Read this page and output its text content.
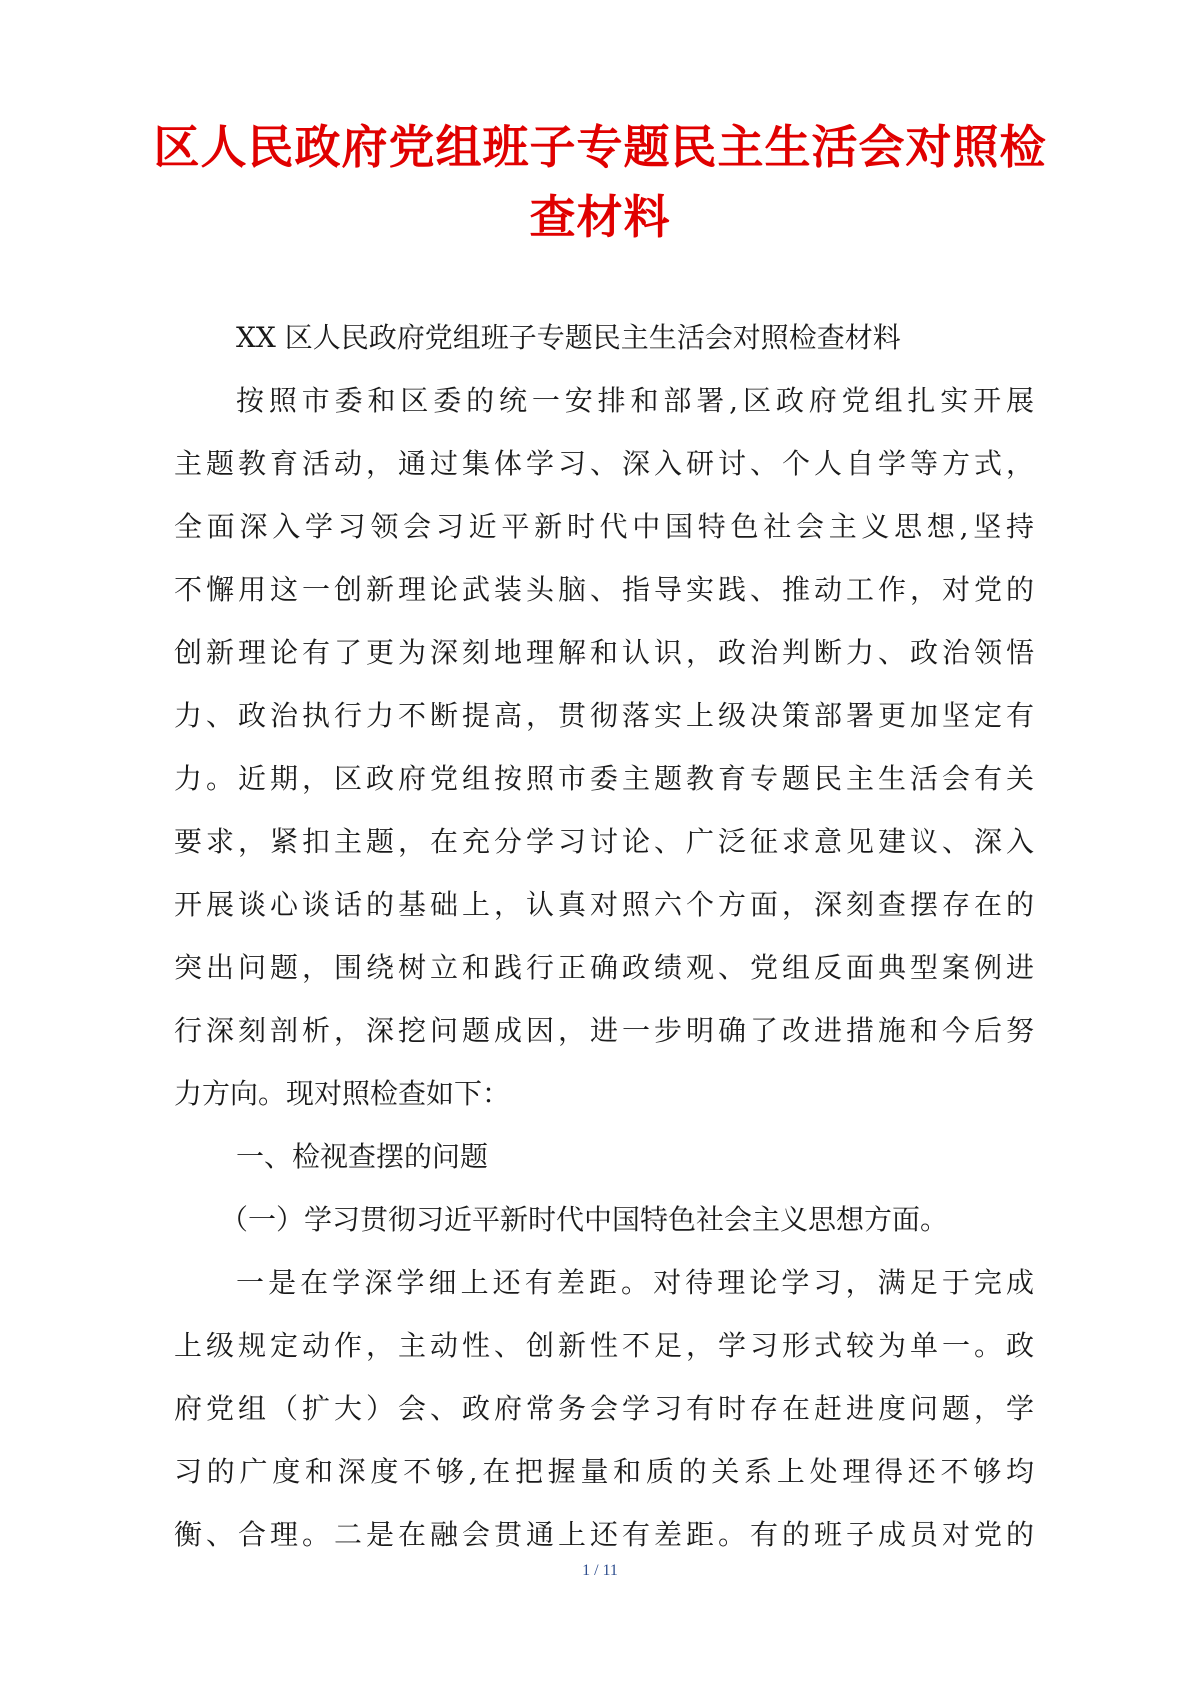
区人民政府党组班子专题民主生活会对照检
查材料
XX 区人民政府党组班子专题民主生活会对照检查材料
按照市委和区委的统一安排和部署,区政府党组扎实开展
主题教育活动，通过集体学习、深入研讨、个人自学等方式，
全面深入学习领会习近平新时代中国特色社会主义思想,坚持
不懈用这一创新理论武装头脑、指导实践、推动工作，对党的
创新理论有了更为深刻地理解和认识，政治判断力、政治领悟
力、政治执行力不断提高，贯彻落实上级决策部署更加坚定有
力。近期，区政府党组按照市委主题教育专题民主生活会有关
要求，紧扣主题，在充分学习讨论、广泛征求意见建议、深入
开展谈心谈话的基础上，认真对照六个方面，深刻查摆存在的
突出问题，围绕树立和践行正确政绩观、党组反面典型案例进
行深刻剖析，深挖问题成因，进一步明确了改进措施和今后努
力方向。现对照检查如下：
一、检视查摆的问题
（一）学习贯彻习近平新时代中国特色社会主义思想方面。
一是在学深学细上还有差距。对待理论学习，满足于完成
上级规定动作，主动性、创新性不足，学习形式较为单一。政
府党组（扩大）会、政府常务会学习有时存在赶进度问题，学
习的广度和深度不够,在把握量和质的关系上处理得还不够均
衡、合理。二是在融会贯通上还有差距。有的班子成员对党的
1 / 11
